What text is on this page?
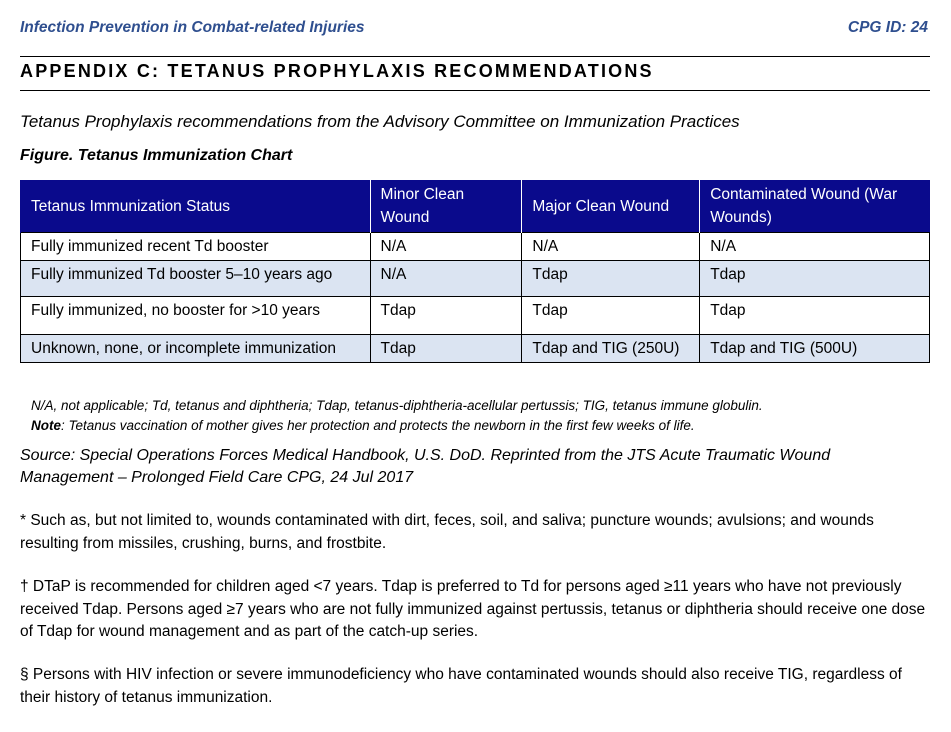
Infection Prevention in Combat-related Injuries	CPG ID: 24
APPENDIX C: TETANUS PROPHYLAXIS RECOMMENDATIONS
Tetanus Prophylaxis recommendations from the Advisory Committee on Immunization Practices
Figure. Tetanus Immunization Chart
Tetanus Immunization Status	Minor Clean Wound	Major Clean Wound	Contaminated Wound (War Wounds)
Fully immunized recent Td booster	N/A	N/A	N/A
Fully immunized Td booster 5–10 years ago	N/A	Tdap	Tdap
Fully immunized, no booster for >10 years	Tdap	Tdap	Tdap
Unknown, none, or incomplete immunization	Tdap	Tdap and TIG (250U)	Tdap and TIG (500U)
N/A, not applicable; Td, tetanus and diphtheria; Tdap, tetanus-diphtheria-acellular pertussis; TIG, tetanus immune globulin.
Note: Tetanus vaccination of mother gives her protection and protects the newborn in the first few weeks of life.
Source: Special Operations Forces Medical Handbook, U.S. DoD. Reprinted from the JTS Acute Traumatic Wound Management – Prolonged Field Care CPG, 24 Jul 2017
* Such as, but not limited to, wounds contaminated with dirt, feces, soil, and saliva; puncture wounds; avulsions; and wounds resulting from missiles, crushing, burns, and frostbite.
† DTaP is recommended for children aged <7 years. Tdap is preferred to Td for persons aged ≥11 years who have not previously received Tdap. Persons aged ≥7 years who are not fully immunized against pertussis, tetanus or diphtheria should receive one dose of Tdap for wound management and as part of the catch-up series.
§ Persons with HIV infection or severe immunodeficiency who have contaminated wounds should also receive TIG, regardless of their history of tetanus immunization.
